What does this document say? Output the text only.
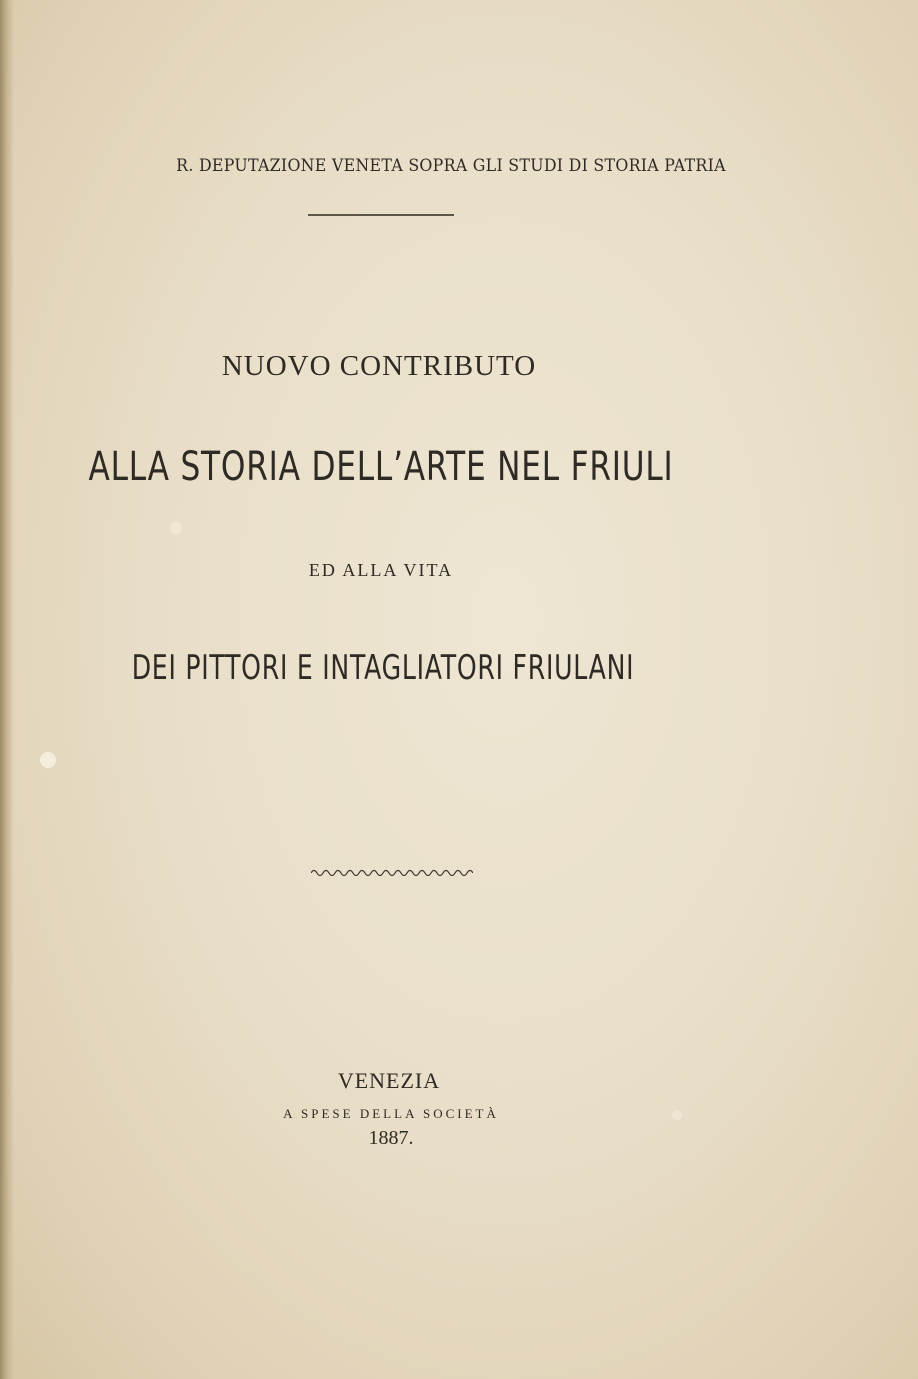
R. DEPUTAZIONE VENETA SOPRA GLI STUDI DI STORIA PATRIA
NUOVO CONTRIBUTO
ALLA STORIA DELL’ARTE NEL FRIULI
ED ALLA VITA
DEI PITTORI E INTAGLIATORI FRIULANI
VENEZIA
A SPESE DELLA SOCIETÀ
1887.
